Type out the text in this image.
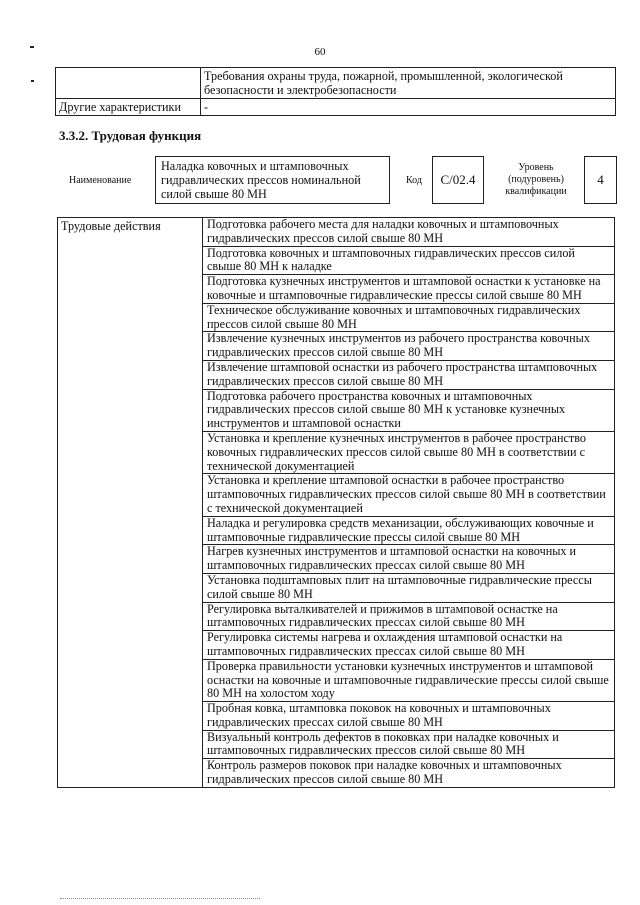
60
	Требования охраны труда, пожарной, промышленной, экологической безопасности и электробезопасности
Другие характеристики	-
3.3.2. Трудовая функция
Наименование
Наладка ковочных и штамповочных гидравлических прессов номинальной силой свыше 80 МН
Код С/02.4
Уровень (подуровень) квалификации
4
Трудовые действия	Подготовка рабочего места для наладки ковочных и штамповочных гидравлических прессов силой свыше 80 МН
Подготовка ковочных и штамповочных гидравлических прессов силой свыше 80 МН к наладке
Подготовка кузнечных инструментов и штамповой оснастки к установке на ковочные и штамповочные гидравлические прессы силой свыше 80 МН
Техническое обслуживание ковочных и штамповочных гидравлических прессов силой свыше 80 МН
Извлечение кузнечных инструментов из рабочего пространства ковочных гидравлических прессов силой свыше 80 МН
Извлечение штамповой оснастки из рабочего пространства штамповочных гидравлических прессов силой свыше 80 МН
Подготовка рабочего пространства ковочных и штамповочных гидравлических прессов силой свыше 80 МН к установке кузнечных инструментов и штамповой оснастки
Установка и крепление кузнечных инструментов в рабочее пространство ковочных гидравлических прессов силой свыше 80 МН в соответствии с технической документацией
Установка и крепление штамповой оснастки в рабочее пространство штамповочных гидравлических прессов силой свыше 80 МН в соответствии с технической документацией
Наладка и регулировка средств механизации, обслуживающих ковочные и штамповочные гидравлические прессы силой свыше 80 МН
Нагрев кузнечных инструментов и штамповой оснастки на ковочных и штамповочных гидравлических прессах силой свыше 80 МН
Установка подштамповых плит на штамповочные гидравлические прессы силой свыше 80 МН
Регулировка выталкивателей и прижимов в штамповой оснастке на штамповочных гидравлических прессах силой свыше 80 МН
Регулировка системы нагрева и охлаждения штамповой оснастки на штамповочных гидравлических прессах силой свыше 80 МН
Проверка правильности установки кузнечных инструментов и штамповой оснастки на ковочные и штамповочные гидравлические прессы силой свыше 80 МН на холостом ходу
Пробная ковка, штамповка поковок на ковочных и штамповочных гидравлических прессах силой свыше 80 МН
Визуальный контроль дефектов в поковках при наладке ковочных и штамповочных гидравлических прессов силой свыше 80 МН
Контроль размеров поковок при наладке ковочных и штамповочных гидравлических прессов силой свыше 80 МН
